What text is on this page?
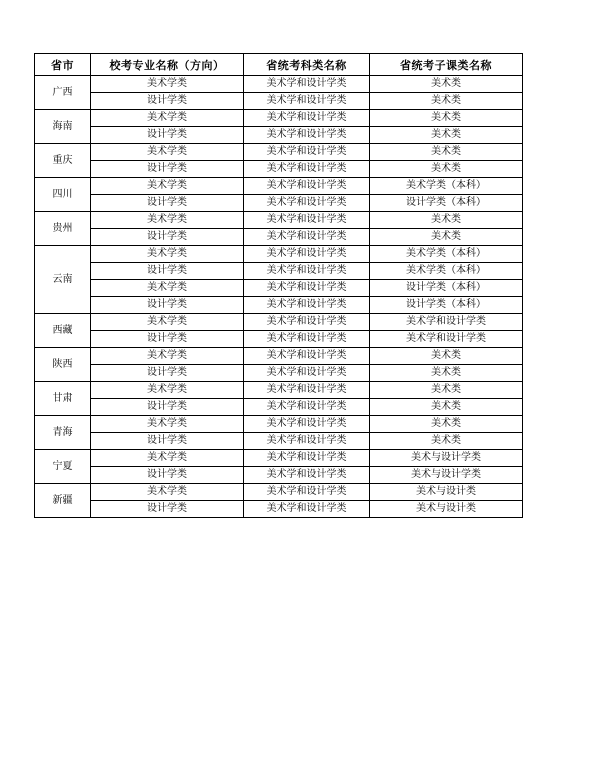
省市	校考专业名称（方向）	省统考科类名称	省统考子课类名称
广西	美术学类	美术学和设计学类	美术类
	设计学类	美术学和设计学类	美术类
海南	美术学类	美术学和设计学类	美术类
	设计学类	美术学和设计学类	美术类
重庆	美术学类	美术学和设计学类	美术类
	设计学类	美术学和设计学类	美术类
四川	美术学类	美术学和设计学类	美术学类（本科）
	设计学类	美术学和设计学类	设计学类（本科）
贵州	美术学类	美术学和设计学类	美术类
	设计学类	美术学和设计学类	美术类
云南	美术学类	美术学和设计学类	美术学类（本科）
	设计学类	美术学和设计学类	美术学类（本科）
	美术学类	美术学和设计学类	设计学类（本科）
	设计学类	美术学和设计学类	设计学类（本科）
西藏	美术学类	美术学和设计学类	美术学和设计学类
	设计学类	美术学和设计学类	美术学和设计学类
陕西	美术学类	美术学和设计学类	美术类
	设计学类	美术学和设计学类	美术类
甘肃	美术学类	美术学和设计学类	美术类
	设计学类	美术学和设计学类	美术类
青海	美术学类	美术学和设计学类	美术类
	设计学类	美术学和设计学类	美术类
宁夏	美术学类	美术学和设计学类	美术与设计学类
	设计学类	美术学和设计学类	美术与设计学类
新疆	美术学类	美术学和设计学类	美术与设计类
	设计学类	美术学和设计学类	美术与设计类
